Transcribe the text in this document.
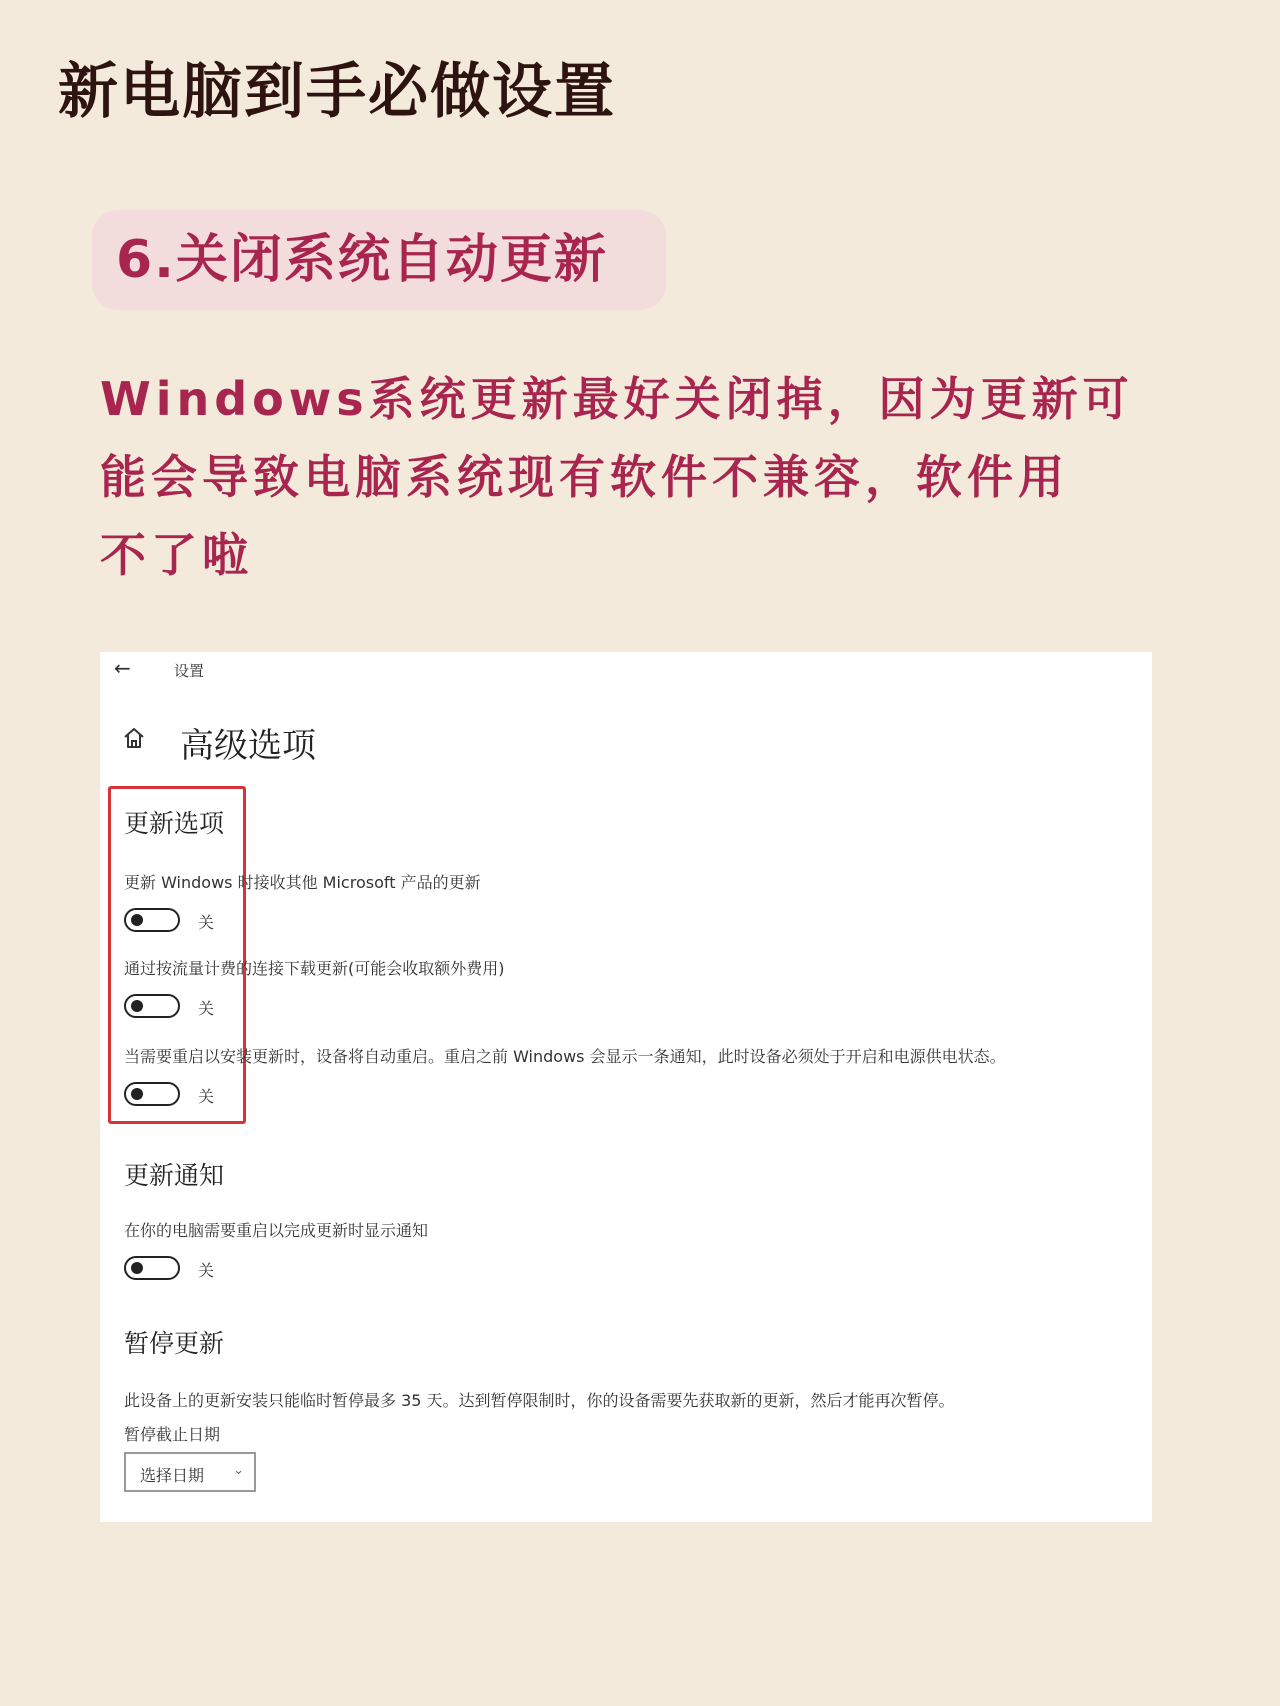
新电脑到手必做设置
6.关闭系统自动更新
Windows系统更新最好关闭掉，因为更新可
能会导致电脑系统现有软件不兼容，软件用
不了啦
←	设置
高级选项
更新选项
更新 Windows 时接收其他 Microsoft 产品的更新
关
通过按流量计费的连接下载更新(可能会收取额外费用)
关
当需要重启以安装更新时，设备将自动重启。重启之前 Windows 会显示一条通知，此时设备必须处于开启和电源供电状态。
关
更新通知
在你的电脑需要重启以完成更新时显示通知
关
暂停更新
此设备上的更新安装只能临时暂停最多 35 天。达到暂停限制时，你的设备需要先获取新的更新，然后才能再次暂停。
暂停截止日期
选择日期 ⌄
